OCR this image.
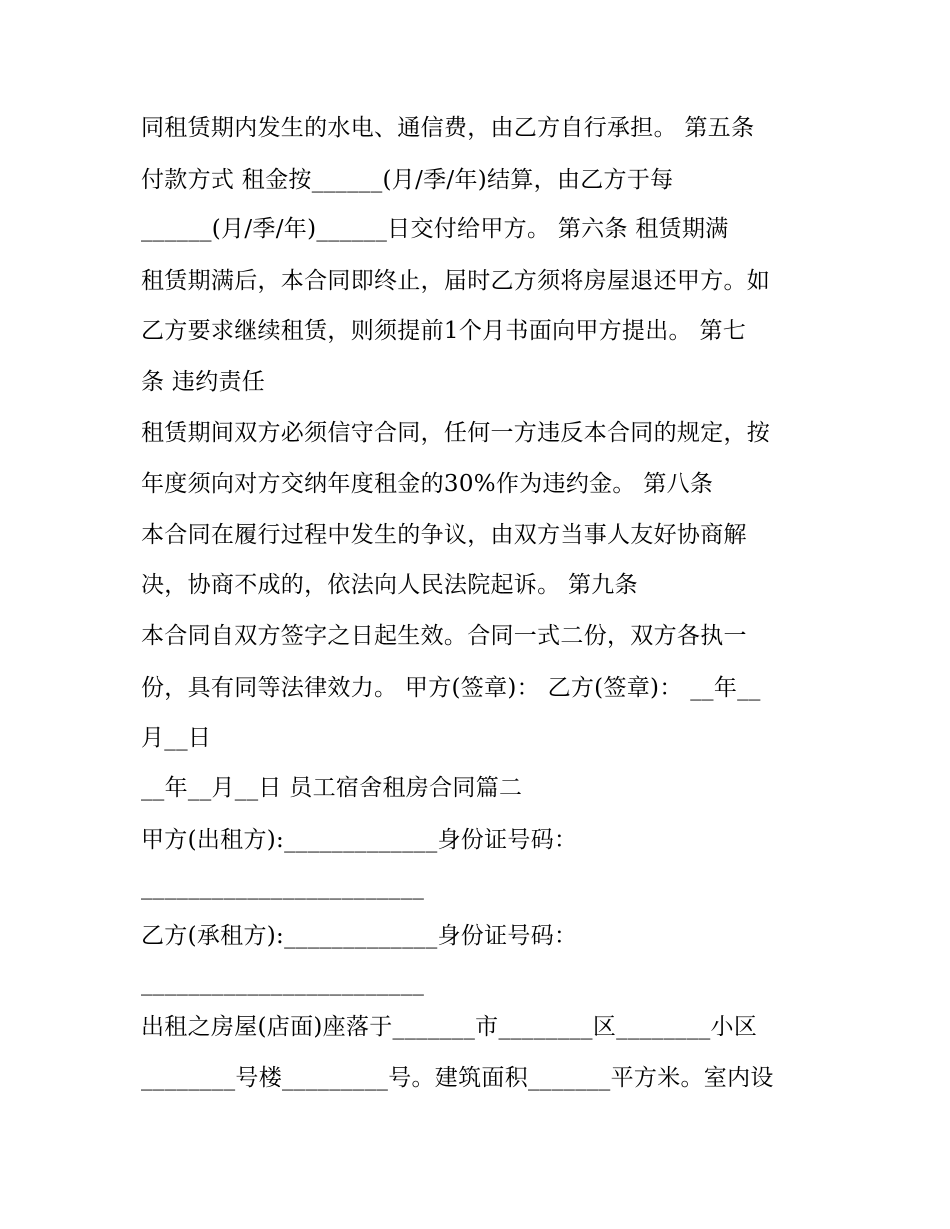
同租赁期内发生的水电、通信费，由乙方自行承担。 第五条

付款方式 租金按______(月/季/年)结算，由乙方于每

______(月/季/年)______日交付给甲方。 第六条 租赁期满

租赁期满后，本合同即终止，届时乙方须将房屋退还甲方。如

乙方要求继续租赁，则须提前1个月书面向甲方提出。 第七

条 违约责任

租赁期间双方必须信守合同，任何一方违反本合同的规定，按

年度须向对方交纳年度租金的30%作为违约金。 第八条

本合同在履行过程中发生的争议，由双方当事人友好协商解

决，协商不成的，依法向人民法院起诉。 第九条

本合同自双方签字之日起生效。合同一式二份，双方各执一

份，具有同等法律效力。 甲方(签章)： 乙方(签章)： __年__

月__日

__年__月__日 员工宿舍租房合同篇二

甲方(出租方):_____________身份证号码：

________________________

乙方(承租方):_____________身份证号码：

________________________

出租之房屋(店面)座落于_______市________区________小区

________号楼_________号。建筑面积_______平方米。室内设
